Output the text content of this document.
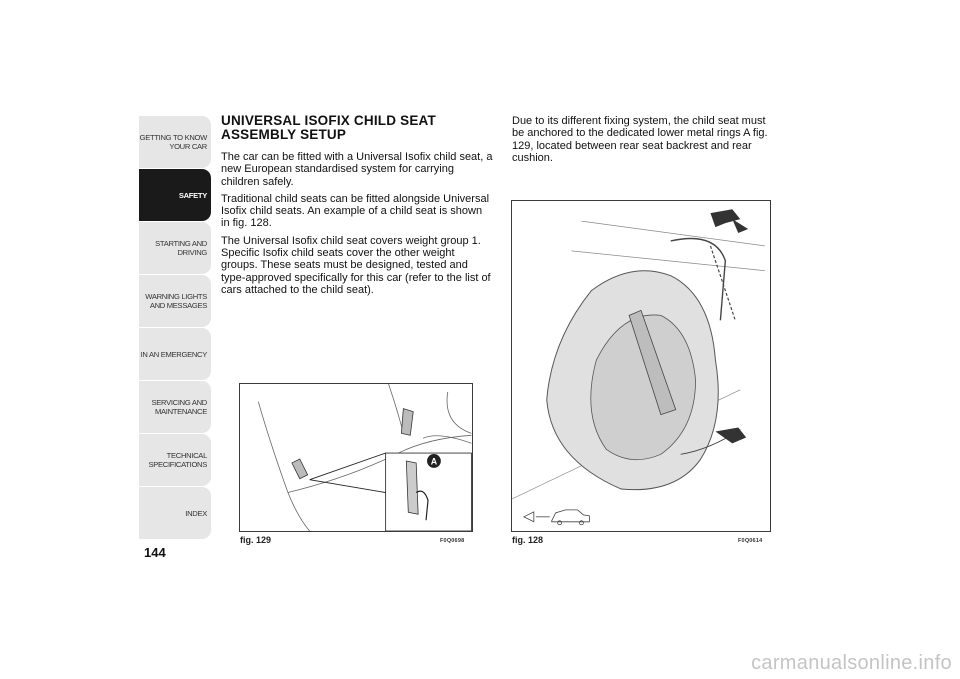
GETTING TO KNOW
YOUR CAR
SAFETY
STARTING AND
DRIVING
WARNING LIGHTS
AND MESSAGES
IN AN EMERGENCY
SERVICING AND
MAINTENANCE
TECHNICAL
SPECIFICATIONS
INDEX
144
UNIVERSAL ISOFIX CHILD SEAT ASSEMBLY SETUP

The car can be fitted with a Universal Isofix child seat, a new European standardised system for carrying children safely.

Traditional child seats can be fitted alongside Universal Isofix child seats. An example of a child seat is shown in fig. 128.

The Universal Isofix child seat covers weight group 1. Specific Isofix child seats cover the other weight groups. These seats must be designed, tested and type-approved specifically for this car (refer to the list of cars attached to the child seat).

Due to its different fixing system, the child seat must be anchored to the dedicated lower metal rings A fig. 129, located between rear seat backrest and rear cushion.

A
fig. 129	F0Q0698	fig. 128	F0Q0614
carmanualsonline.info
